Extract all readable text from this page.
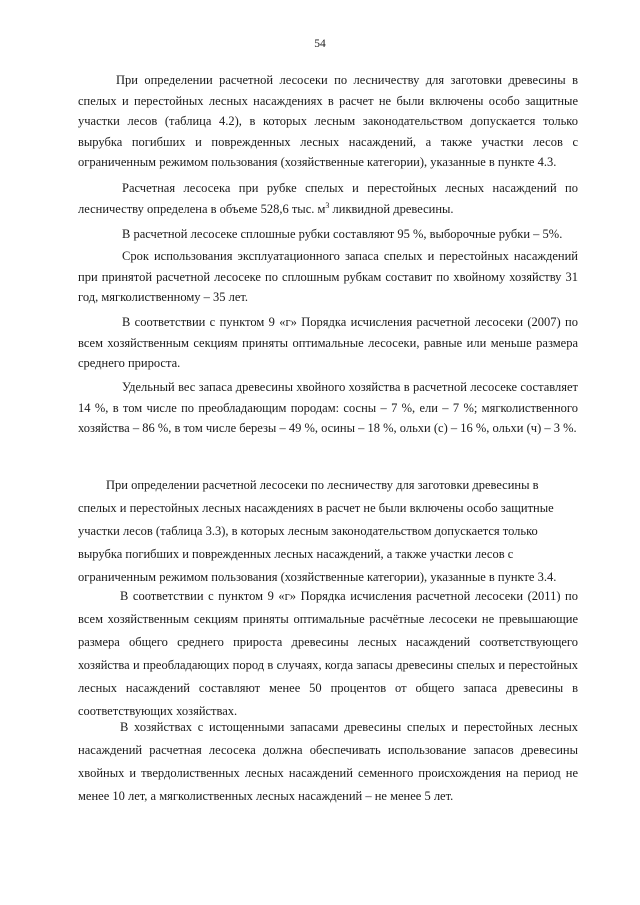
54

При определении расчетной лесосеки по лесничеству для заготовки древесины в спелых и перестойных лесных насаждениях в расчет не были включены особо защитные участки лесов (таблица 4.2), в которых лесным законодательством допускается только вырубка погибших и поврежденных лесных насаждений, а также участки лесов с ограниченным режимом пользования (хозяйственные категории), указанные в пункте 4.3.

Расчетная лесосека при рубке спелых и перестойных лесных насаждений по лесничеству определена в объеме 528,6 тыс. $м^3$ ликвидной древесины.

В расчетной лесосеке сплошные рубки составляют 95 %, выборочные рубки – 5%.

Срок использования эксплуатационного запаса спелых и перестойных насаждений при принятой расчетной лесосеке по сплошным рубкам составит по хвойному хозяйству 31 год, мягколиственному – 35 лет.

В соответствии с пунктом 9 «г» Порядка исчисления расчетной лесосеки (2007) по всем хозяйственным секциям приняты оптимальные лесосеки, равные или меньше размера среднего прироста.

Удельный вес запаса древесины хвойного хозяйства в расчетной лесосеке составляет 14 %, в том числе по преобладающим породам: сосны – 7 %, ели – 7 %; мягколиственного хозяйства – 86 %, в том числе березы – 49 %, осины – 18 %, ольхи (с) – 16 %, ольхи (ч) – 3 %.

При определении расчетной лесосеки по лесничеству для заготовки древесины в спелых и перестойных лесных насаждениях в расчет не были включены особо защитные участки лесов (таблица 3.3), в которых лесным законодательством допускается только вырубка погибших и поврежденных лесных насаждений, а также участки лесов с ограниченным режимом пользования (хозяйственные категории), указанные в пункте 3.4.

В соответствии с пунктом 9 «г» Порядка исчисления расчетной лесосеки (2011) по всем хозяйственным секциям приняты оптимальные расчётные лесосеки не превышающие размера общего среднего прироста древесины лесных насаждений соответствующего хозяйства и преобладающих пород в случаях, когда запасы древесины спелых и перестойных лесных насаждений составляют менее 50 процентов от общего запаса древесины в соответствующих хозяйствах.

В хозяйствах с истощенными запасами древесины спелых и перестойных лесных насаждений расчетная лесосека должна обеспечивать использование запасов древесины хвойных и твердолиственных лесных насаждений семенного происхождения на период не менее 10 лет, а мягколиственных лесных насаждений – не менее 5 лет.
